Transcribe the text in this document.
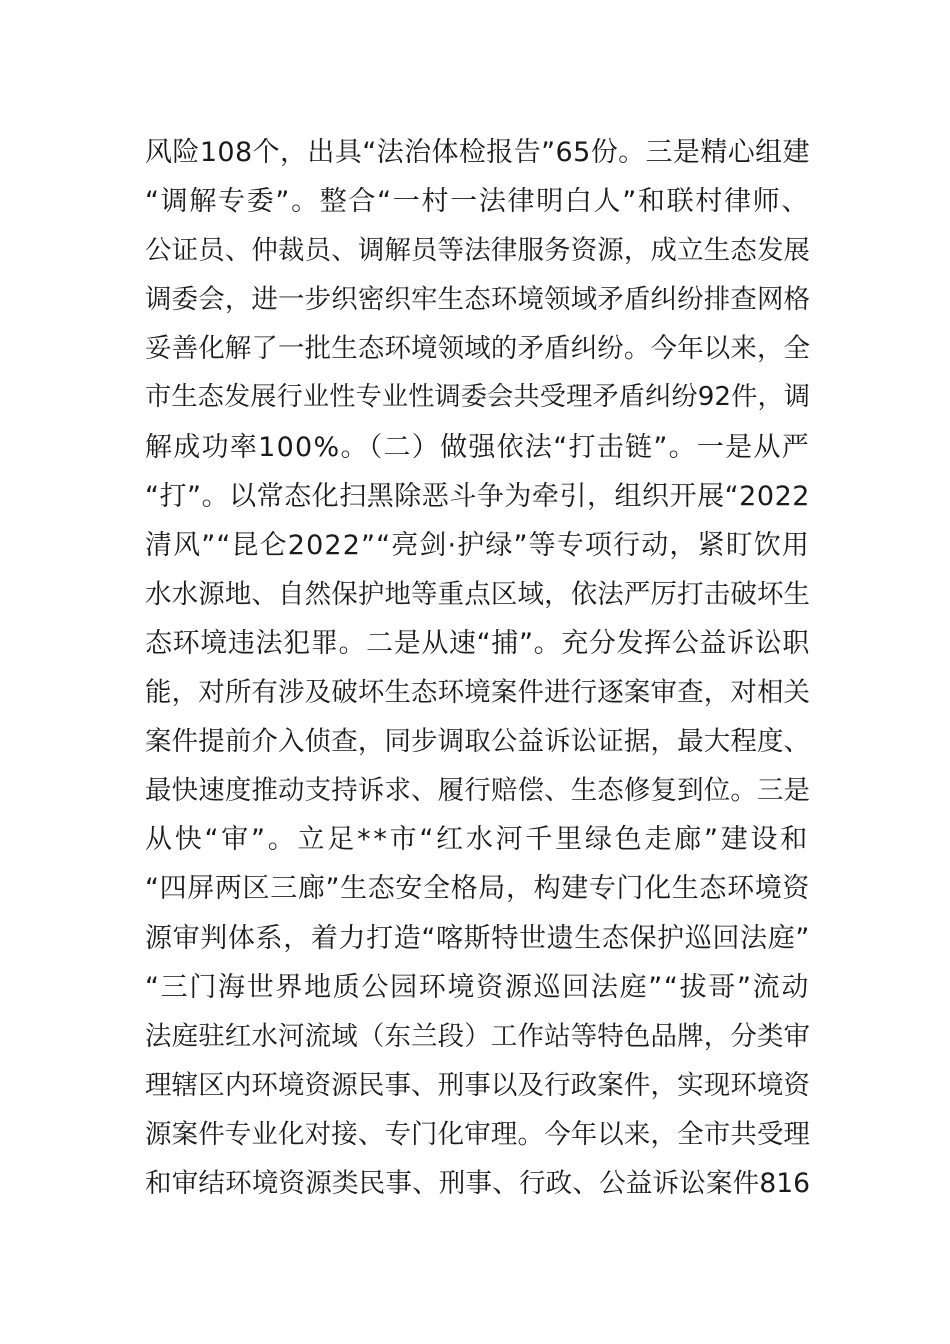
风险108个，出具“法治体检报告”65份。三是精心组建
“调解专委”。整合“一村一法律明白人”和联村律师、
公证员、仲裁员、调解员等法律服务资源，成立生态发展
调委会，进一步织密织牢生态环境领域矛盾纠纷排查网格
妥善化解了一批生态环境领域的矛盾纠纷。今年以来，全
市生态发展行业性专业性调委会共受理矛盾纠纷92件，调
解成功率100%。（二）做强依法“打击链”。一是从严
“打”。以常态化扫黑除恶斗争为牵引，组织开展“2022
清风”“昆仑2022”“亮剑·护绿”等专项行动，紧盯饮用
水水源地、自然保护地等重点区域，依法严厉打击破坏生
态环境违法犯罪。二是从速“捕”。充分发挥公益诉讼职
能，对所有涉及破坏生态环境案件进行逐案审查，对相关
案件提前介入侦查，同步调取公益诉讼证据，最大程度、
最快速度推动支持诉求、履行赔偿、生态修复到位。三是
从快“审”。立足**市“红水河千里绿色走廊”建设和
“四屏两区三廊”生态安全格局，构建专门化生态环境资
源审判体系，着力打造“喀斯特世遗生态保护巡回法庭”
“三门海世界地质公园环境资源巡回法庭”“拔哥”流动
法庭驻红水河流域（东兰段）工作站等特色品牌，分类审
理辖区内环境资源民事、刑事以及行政案件，实现环境资
源案件专业化对接、专门化审理。今年以来，全市共受理
和审结环境资源类民事、刑事、行政、公益诉讼案件816
